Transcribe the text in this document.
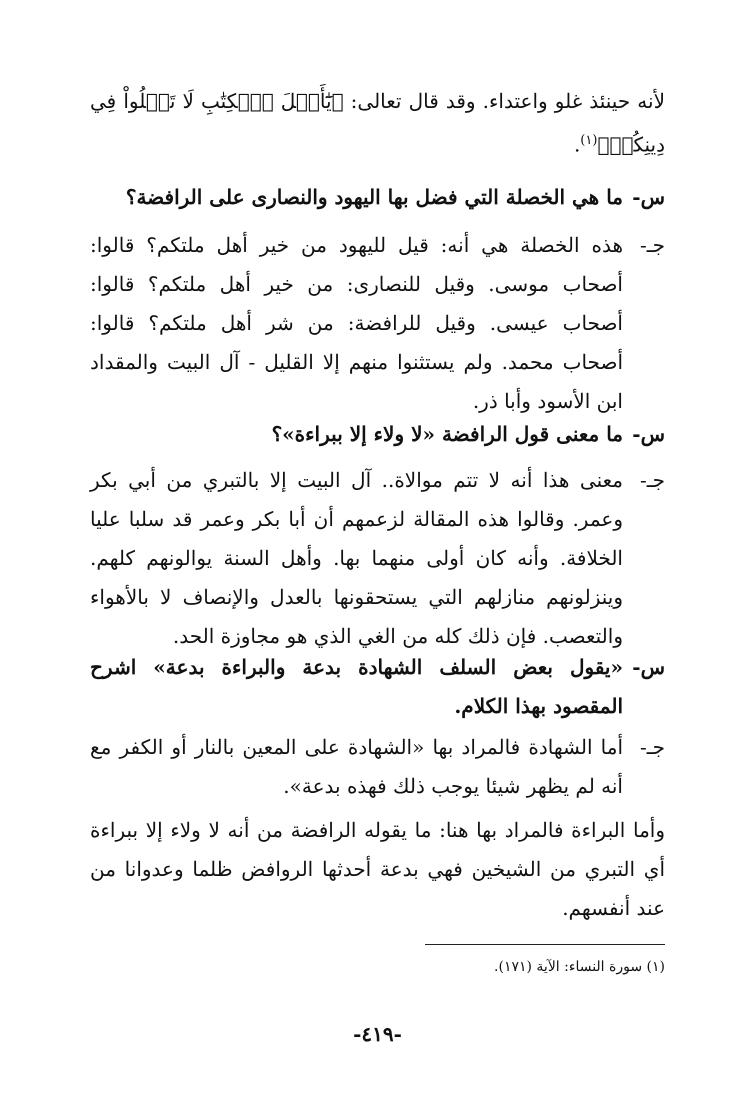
لأنه حينئذ غلو واعتداء. وقد قال تعالى: ﴿يَٰٓأَهۡلَ ٱلۡكِتَٰبِ لَا تَغۡلُواْ فِي دِينِكُمۡ﴾$^{(١)}$.
س-
ما هي الخصلة التي فضل بها اليهود والنصارى على الرافضة؟
جـ-
هذه الخصلة هي أنه: قيل لليهود من خير أهل ملتكم؟ قالوا: أصحاب موسى. وقيل للنصارى: من خير أهل ملتكم؟ قالوا: أصحاب عيسى. وقيل للرافضة: من شر أهل ملتكم؟ قالوا: أصحاب محمد. ولم يستثنوا منهم إلا القليل - آل البيت والمقداد ابن الأسود وأبا ذر.
س-
ما معنى قول الرافضة «لا ولاء إلا ببراءة»؟
جـ-
معنى هذا أنه لا تتم موالاة.. آل البيت إلا بالتبري من أبي بكر وعمر. وقالوا هذه المقالة لزعمهم أن أبا بكر وعمر قد سلبا عليا الخلافة. وأنه كان أولى منهما بها. وأهل السنة يوالونهم كلهم. وينزلونهم منازلهم التي يستحقونها بالعدل والإنصاف لا بالأهواء والتعصب. فإن ذلك كله من الغي الذي هو مجاوزة الحد.
س-
«يقول بعض السلف الشهادة بدعة والبراءة بدعة» اشرح المقصود بهذا الكلام.
جـ-
أما الشهادة فالمراد بها «الشهادة على المعين بالنار أو الكفر مع أنه لم يظهر شيئا يوجب ذلك فهذه بدعة».
وأما البراءة فالمراد بها هنا: ما يقوله الرافضة من أنه لا ولاء إلا ببراءة أي التبري من الشيخين فهي بدعة أحدثها الروافض ظلما وعدوانا من عند أنفسهم.
(١) سورة النساء: الآية (١٧١).
-٤١٩-
